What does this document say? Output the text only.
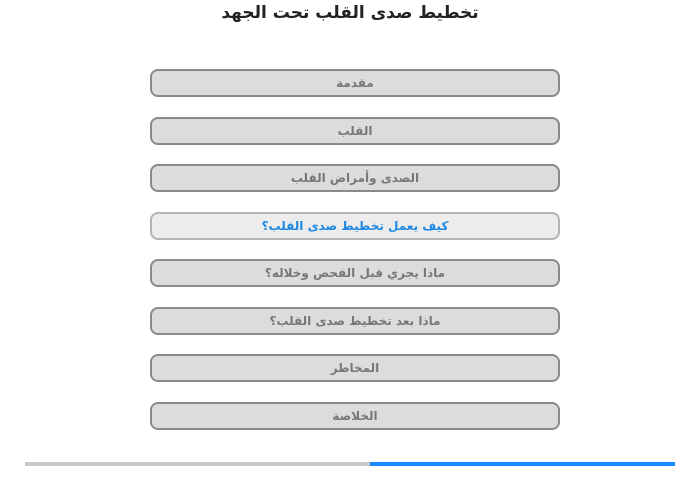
تخطيط صدى القلب تحت الجهد
مقدمة
القلب
الصدى وأمراض القلب
كيف يعمل تخطيط صدى القلب؟
ماذا يجري قبل الفحص وخلاله؟
ماذا بعد تخطيط صدى القلب؟
المخاطر
الخلاصة
